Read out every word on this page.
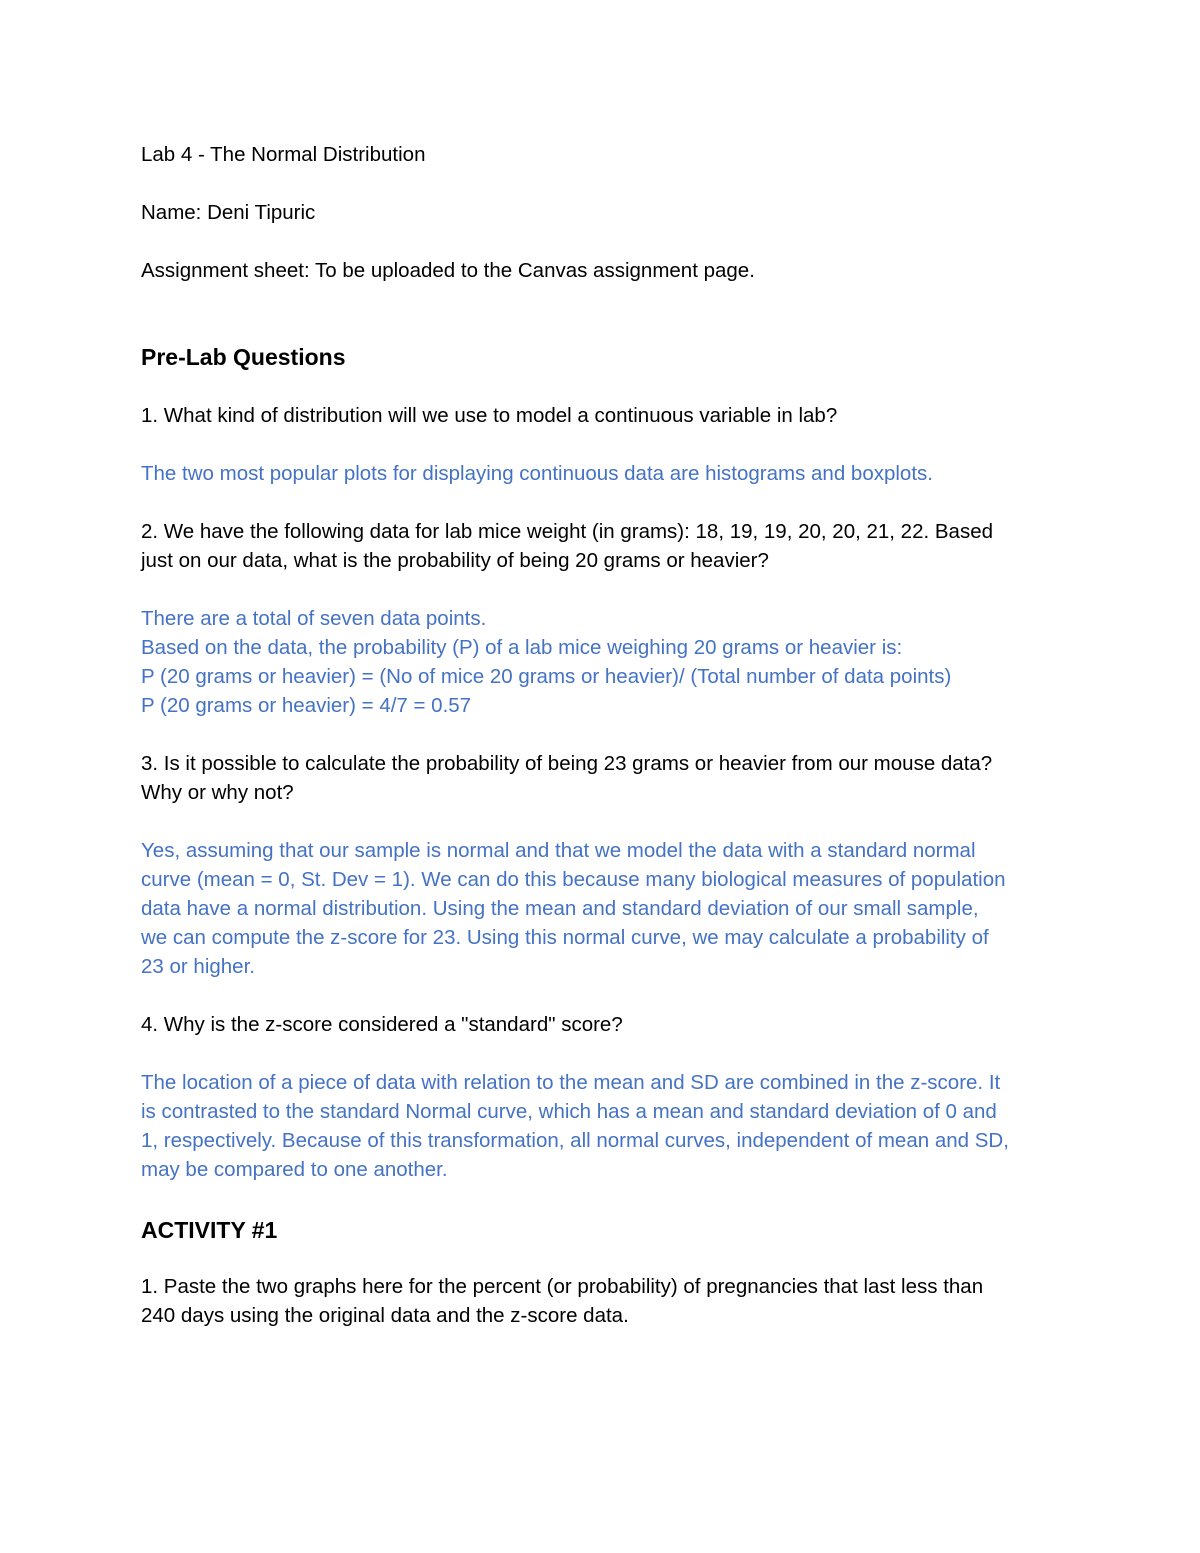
Lab 4 - The Normal Distribution

Name: Deni Tipuric

Assignment sheet: To be uploaded to the Canvas assignment page.

Pre-Lab Questions

1. What kind of distribution will we use to model a continuous variable in lab?

The two most popular plots for displaying continuous data are histograms and boxplots.

2. We have the following data for lab mice weight (in grams): 18, 19, 19, 20, 20, 21, 22. Based

just on our data, what is the probability of being 20 grams or heavier?

There are a total of seven data points.

Based on the data, the probability (P) of a lab mice weighing 20 grams or heavier is:

P (20 grams or heavier) = (No of mice 20 grams or heavier)/ (Total number of data points)

P (20 grams or heavier) = 4/7 = 0.57

3. Is it possible to calculate the probability of being 23 grams or heavier from our mouse data?

Why or why not?

Yes, assuming that our sample is normal and that we model the data with a standard normal

curve (mean = 0, St. Dev = 1). We can do this because many biological measures of population

data have a normal distribution. Using the mean and standard deviation of our small sample,

we can compute the z-score for 23. Using this normal curve, we may calculate a probability of

23 or higher.

4. Why is the z-score considered a "standard" score?

The location of a piece of data with relation to the mean and SD are combined in the z-score. It

is contrasted to the standard Normal curve, which has a mean and standard deviation of 0 and

1, respectively. Because of this transformation, all normal curves, independent of mean and SD,

may be compared to one another.

ACTIVITY #1

1. Paste the two graphs here for the percent (or probability) of pregnancies that last less than

240 days using the original data and the z-score data.
